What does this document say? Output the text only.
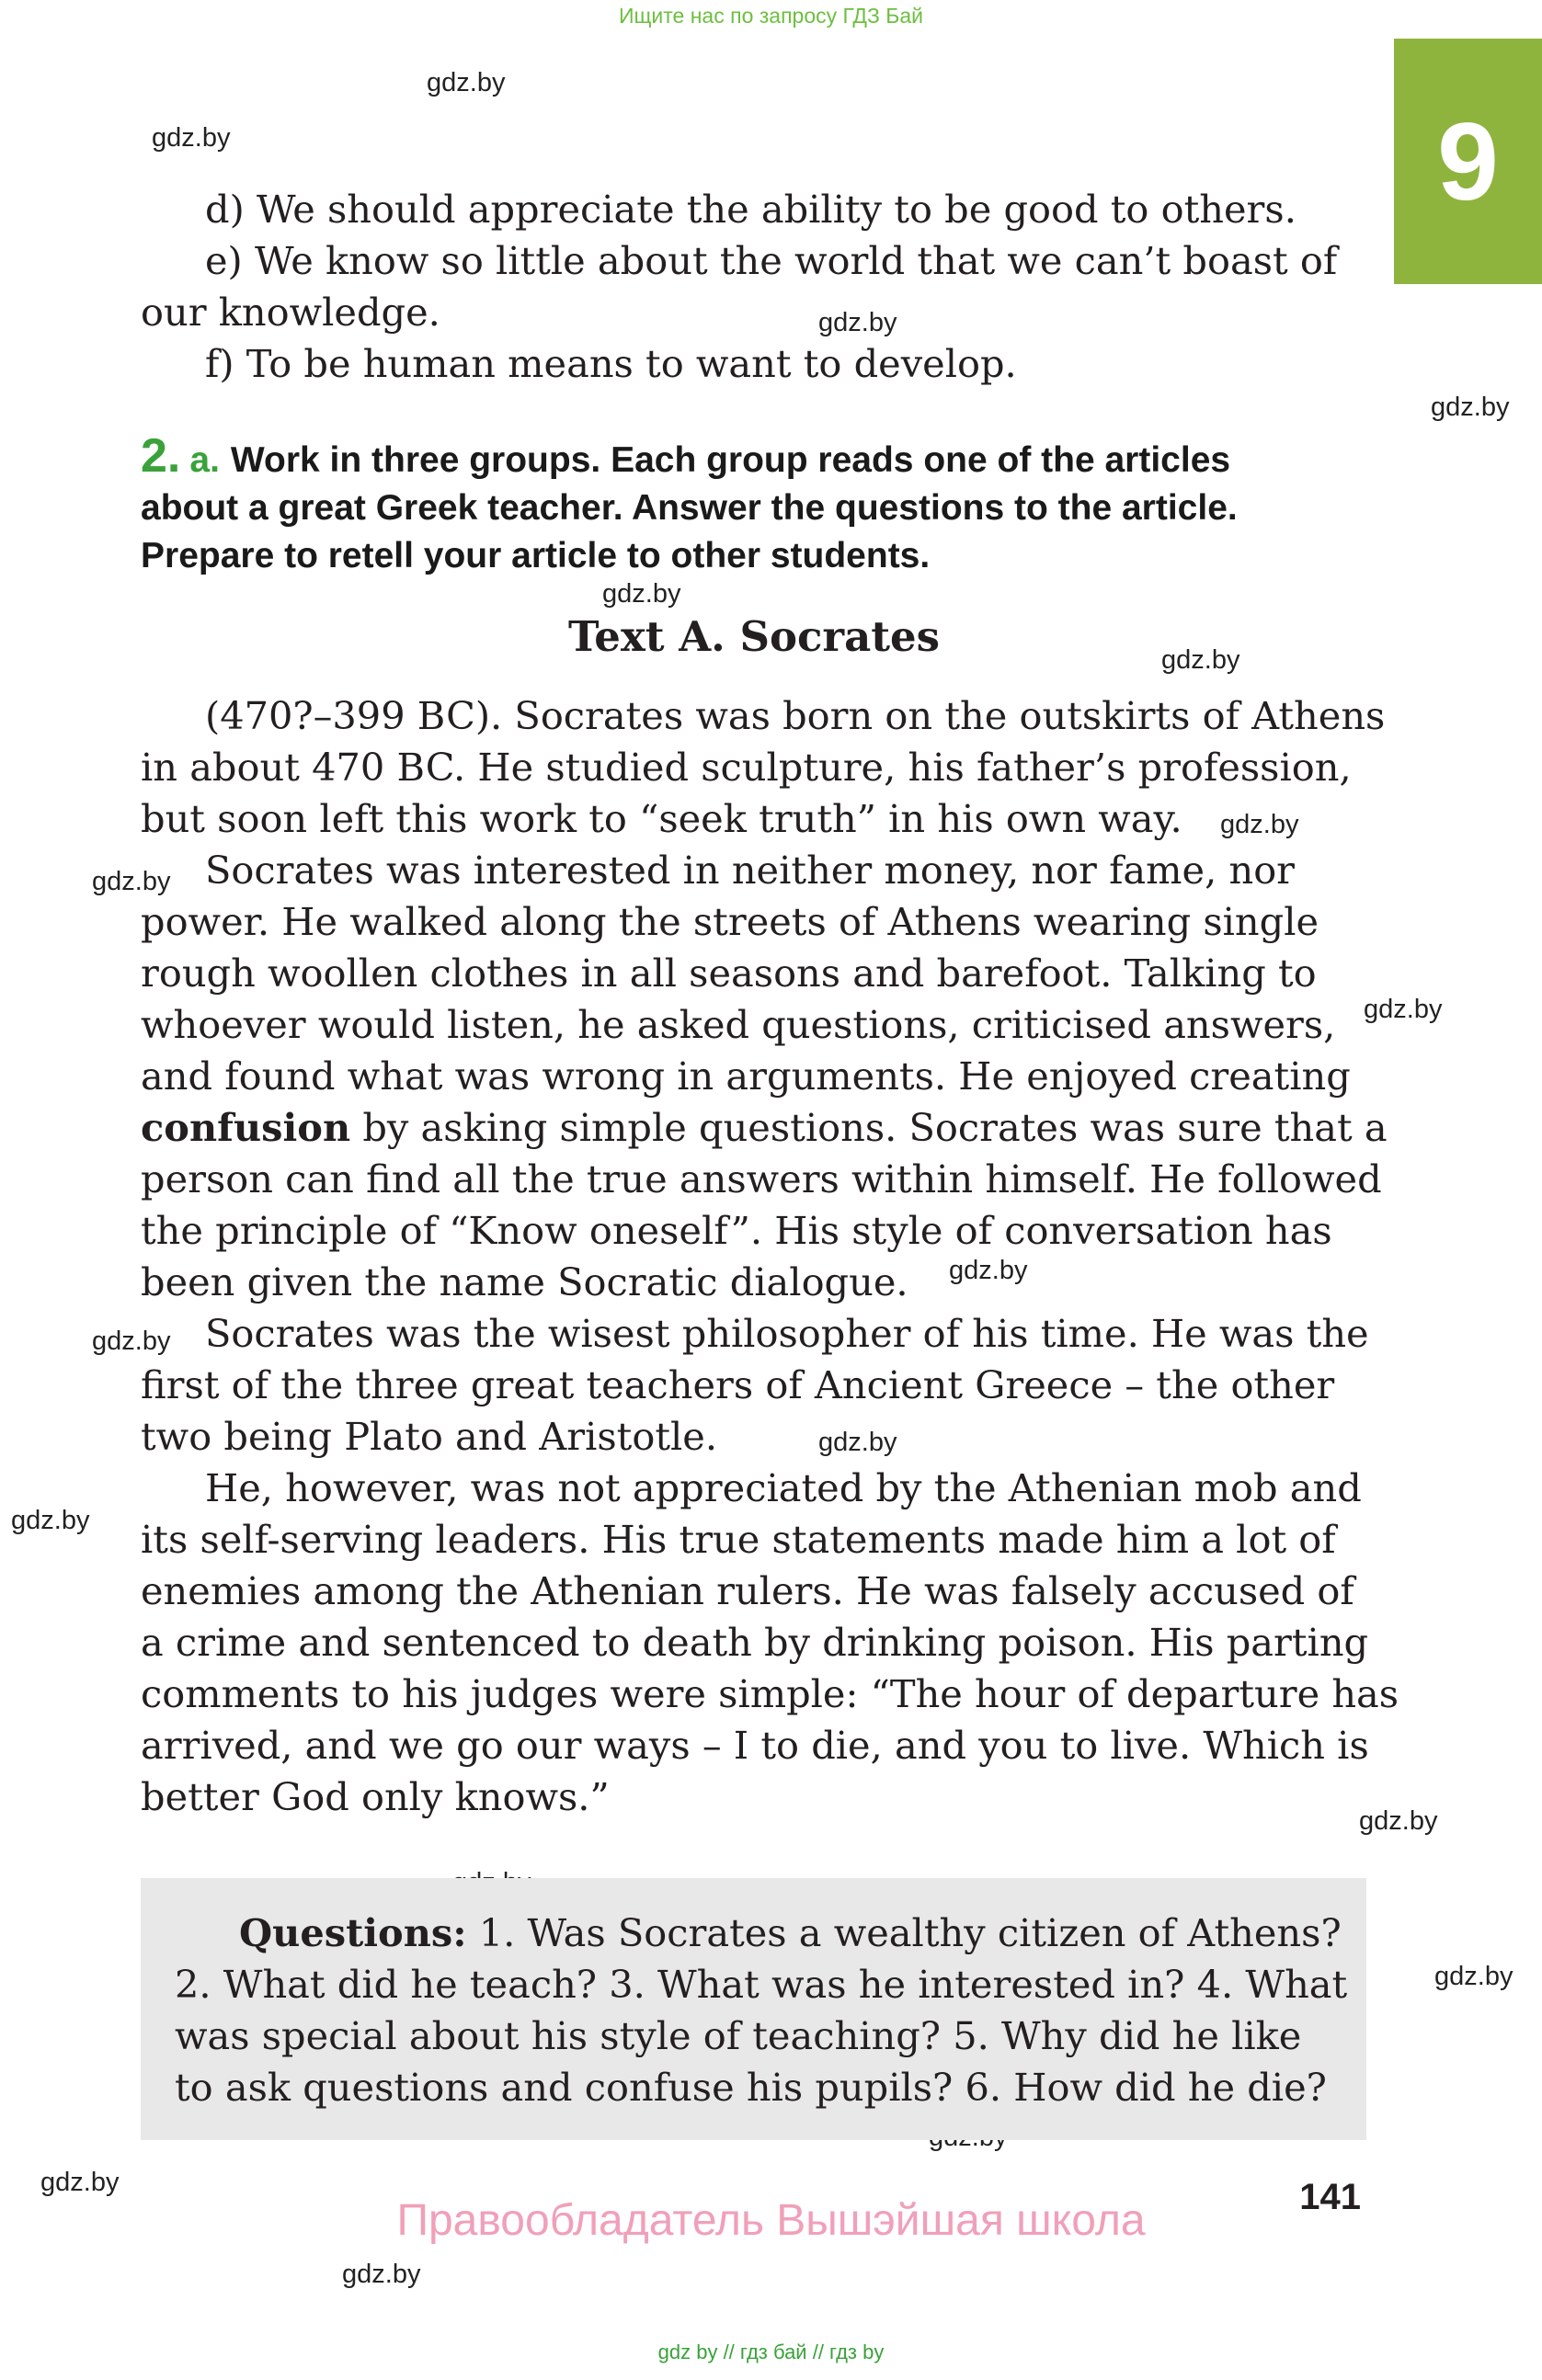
Ищите нас по запросу ГДЗ Бай
9
gdz.by
gdz.by
gdz.by
gdz.by
gdz.by
gdz.by
gdz.by
gdz.by
gdz.by
gdz.by
gdz.by
gdz.by
gdz.by
gdz.by
gdz.by
gdz.by
gdz.by
d) We should appreciate the ability to be good to others.
e) We know so little about the world that we can’t boast of
our knowledge.
f) To be human means to want to develop.
2. a. Work in three groups. Each group reads one of the articles
about a great Greek teacher. Answer the questions to the article.
Prepare to retell your article to other students.
Text A. Socrates
(470?–399 BC). Socrates was born on the outskirts of Athens
in about 470 BC. He studied sculpture, his father’s profession,
but soon left this work to “seek truth” in his own way.
Socrates was interested in neither money, nor fame, nor
power. He walked along the streets of Athens wearing single
rough woollen clothes in all seasons and barefoot. Talking to
whoever would listen, he asked questions, criticised answers,
and found what was wrong in arguments. He enjoyed creating
confusion by asking simple questions. Socrates was sure that a
person can find all the true answers within himself. He followed
the principle of “Know oneself”. His style of conversation has
been given the name Socratic dialogue.
Socrates was the wisest philosopher of his time. He was the
first of the three great teachers of Ancient Greece – the other
two being Plato and Aristotle.
He, however, was not appreciated by the Athenian mob and
its self-serving leaders. His true statements made him a lot of
enemies among the Athenian rulers. He was falsely accused of
a crime and sentenced to death by drinking poison. His parting
comments to his judges were simple: “The hour of departure has
arrived, and we go our ways – I to die, and you to live. Which is
better God only knows.”
Questions: 1. Was Socrates a wealthy citizen of Athens?
2. What did he teach? 3. What was he interested in? 4. What
was special about his style of teaching? 5. Why did he like
to ask questions and confuse his pupils? 6. How did he die?
141
Правообладатель Вышэйшая школа
gdz by // гдз бай // гдз by
